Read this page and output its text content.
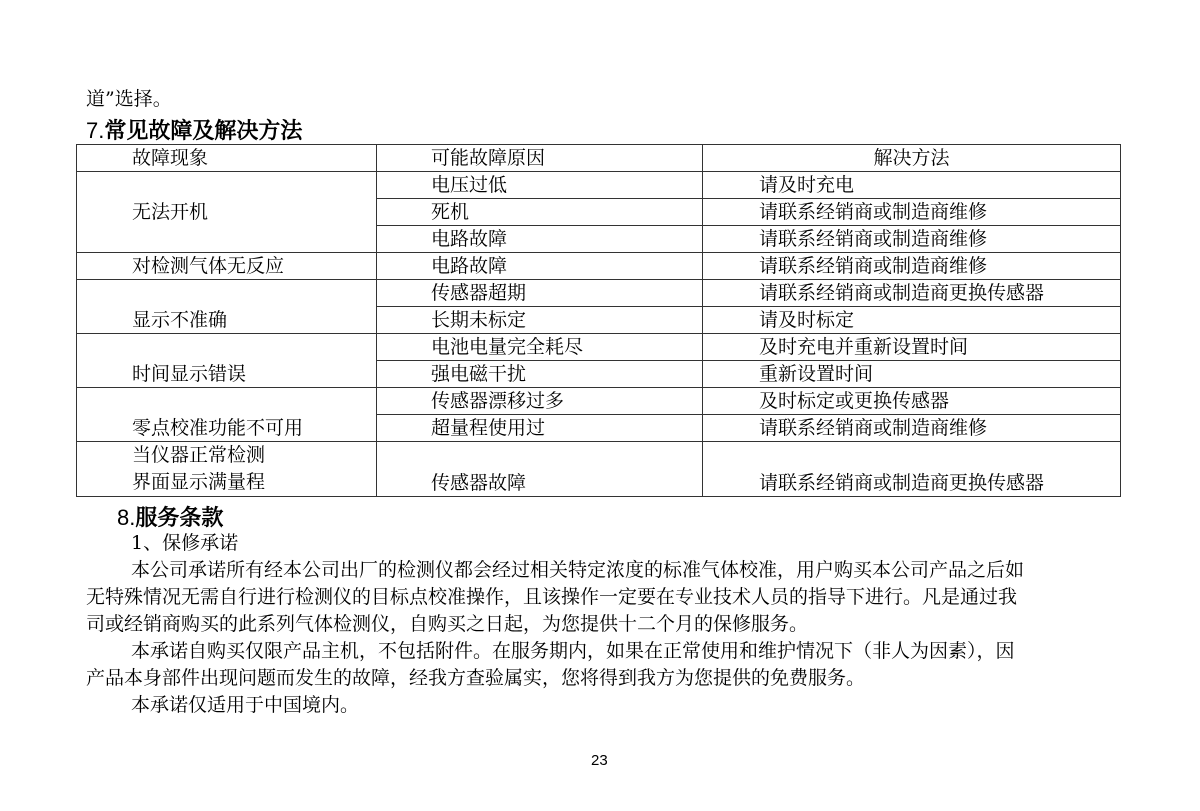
道”选择。
7.常见故障及解决方法
故障现象	可能故障原因	解决方法
无法开机	电压过低	请及时充电
	死机	请联系经销商或制造商维修
	电路故障	请联系经销商或制造商维修
对检测气体无反应	电路故障	请联系经销商或制造商维修
显示不准确	传感器超期	请联系经销商或制造商更换传感器
	长期未标定	请及时标定
时间显示错误	电池电量完全耗尽	及时充电并重新设置时间
	强电磁干扰	重新设置时间
零点校准功能不可用	传感器漂移过多	及时标定或更换传感器
	超量程使用过	请联系经销商或制造商维修

当仪器正常检测
界面显示满量程	传感器故障	请联系经销商或制造商更换传感器
8.服务条款
1、保修承诺
本公司承诺所有经本公司出厂的检测仪都会经过相关特定浓度的标准气体校准，用户购买本公司产品之后如
无特殊情况无需自行进行检测仪的目标点校准操作，且该操作一定要在专业技术人员的指导下进行。凡是通过我
司或经销商购买的此系列气体检测仪，自购买之日起，为您提供十二个月的保修服务。
本承诺自购买仅限产品主机，不包括附件。在服务期内，如果在正常使用和维护情况下（非人为因素），因
产品本身部件出现问题而发生的故障，经我方查验属实，您将得到我方为您提供的免费服务。
本承诺仅适用于中国境内。
23
